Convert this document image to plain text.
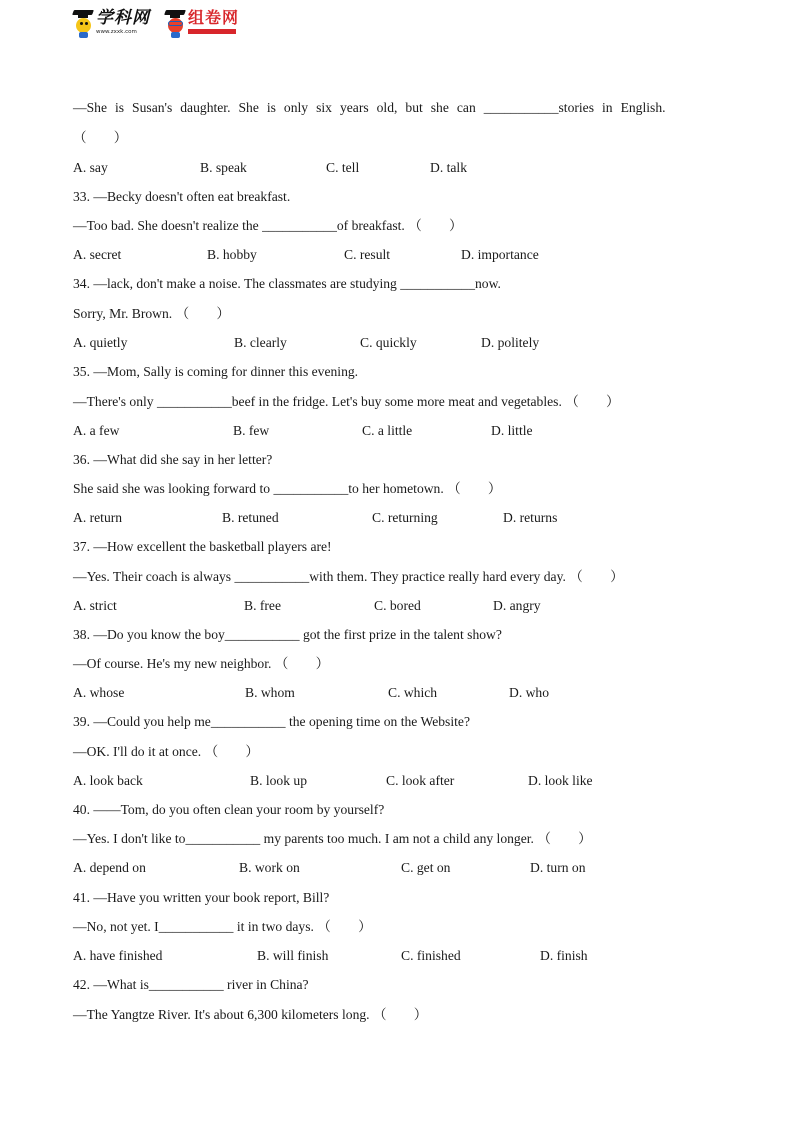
学科网
www.zxxk.com
组卷网
—She is Susan's daughter. She is only six years old, but she can ___________stories in English.
（　　）
A. say	B. speak	C. tell	D. talk
33. —Becky doesn't often eat breakfast.
—Too bad. She doesn't realize the ___________of breakfast. （　　）
A. secret	B. hobby	C. result	D. importance
34. —lack, don't make a noise. The classmates are studying ___________now.
Sorry, Mr. Brown. （　　）
A. quietly	B. clearly	C. quickly	D. politely
35. —Mom, Sally is coming for dinner this evening.
—There's only ___________beef in the fridge. Let's buy some more meat and vegetables. （　　）
A. a few	B. few	C. a little	D. little
36. —What did she say in her letter?
She said she was looking forward to ___________to her hometown. （　　）
A. return	B. retuned	C. returning	D. returns
37. —How excellent the basketball players are!
—Yes. Their coach is always ___________with them. They practice really hard every day. （　　）
A. strict	B. free	C. bored	D. angry
38. —Do you know the boy___________ got the first prize in the talent show?
—Of course. He's my new neighbor. （　　）
A. whose	B. whom	C. which	D. who
39. —Could you help me___________ the opening time on the Website?
—OK. I'll do it at once. （　　）
A. look back	B. look up	C. look after	D. look like
40. ——Tom, do you often clean your room by yourself?
—Yes. I don't like to___________ my parents too much. I am not a child any longer. （　　）
A. depend on	B. work on	C. get on	D. turn on
41. —Have you written your book report, Bill?
—No, not yet. I___________ it in two days. （　　）
A. have finished	B. will finish	C. finished	D. finish
42. —What is___________ river in China?
—The Yangtze River. It's about 6,300 kilometers long. （　　）
